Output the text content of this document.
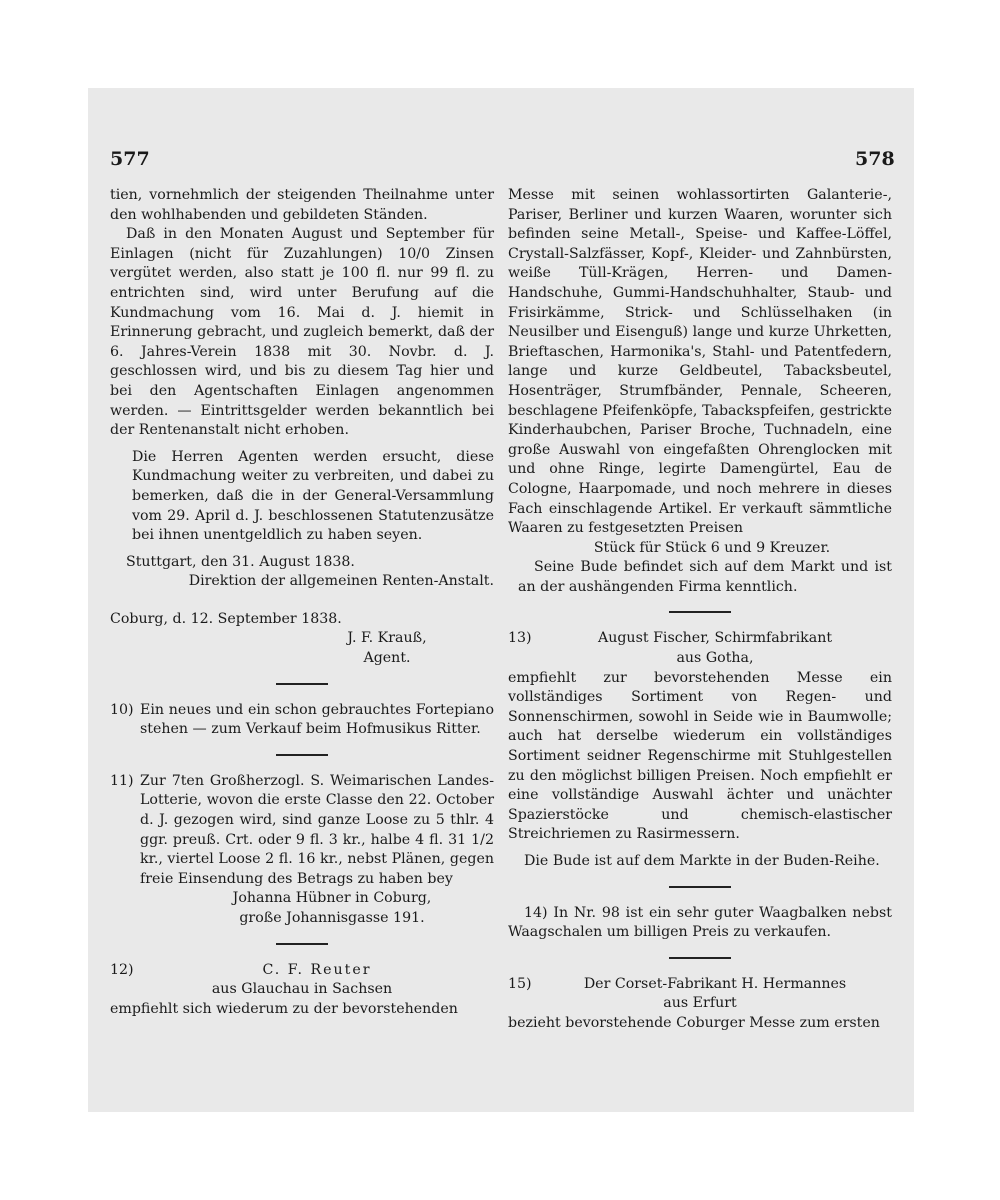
577	578

tien, vornehmlich der steigenden Theilnahme unter den wohlhabenden und gebildeten Ständen.

Daß in den Monaten August und September für Einlagen (nicht für Zuzahlungen) 10/0 Zinsen vergütet werden, also statt je 100 fl. nur 99 fl. zu entrichten sind, wird unter Berufung auf die Kundmachung vom 16. Mai d. J. hiemit in Erinnerung gebracht, und zugleich bemerkt, daß der 6. Jahres-Verein 1838 mit 30. Novbr. d. J. geschlossen wird, und bis zu diesem Tag hier und bei den Agentschaften Einlagen angenommen werden. — Eintrittsgelder werden bekanntlich bei der Rentenanstalt nicht erhoben.

Die Herren Agenten werden ersucht, diese Kundmachung weiter zu verbreiten, und dabei zu bemerken, daß die in der General-Versammlung vom 29. April d. J. beschlossenen Statutenzusätze bei ihnen unentgeldlich zu haben seyen.

Stuttgart, den 31. August 1838.

Direktion der allgemeinen Renten-Anstalt.

Coburg, d. 12. September 1838.

J. F. Krauß,

Agent.

10) Ein neues und ein schon gebrauchtes Fortepiano stehen — zum Verkauf beim Hofmusikus Ritter.

11) Zur 7ten Großherzogl. S. Weimarischen Landes-Lotterie, wovon die erste Classe den 22. October d. J. gezogen wird, sind ganze Loose zu 5 thlr. 4 ggr. preuß. Crt. oder 9 fl. 3 kr., halbe 4 fl. 31 1/2 kr., viertel Loose 2 fl. 16 kr., nebst Plänen, gegen freie Einsendung des Betrags zu haben bey

Johanna Hübner in Coburg,

große Johannisgasse 191.

12)	C. F. Reuter

aus Glauchau in Sachsen

empfiehlt sich wiederum zu der bevorstehenden

Messe mit seinen wohlassortirten Galanterie-, Pariser, Berliner und kurzen Waaren, worunter sich befinden seine Metall-, Speise- und Kaffee-Löffel, Crystall-Salzfässer, Kopf-, Kleider- und Zahnbürsten, weiße Tüll-Krägen, Herren- und Damen-Handschuhe, Gummi-Handschuhhalter, Staub- und Frisirkämme, Strick- und Schlüsselhaken (in Neusilber und Eisenguß) lange und kurze Uhrketten, Brieftaschen, Harmonika's, Stahl- und Patentfedern, lange und kurze Geldbeutel, Tabacksbeutel, Hosenträger, Strumfbänder, Pennale, Scheeren, beschlagene Pfeifenköpfe, Tabackspfeifen, gestrickte Kinderhaubchen, Pariser Broche, Tuchnadeln, eine große Auswahl von eingefaßten Ohrenglocken mit und ohne Ringe, legirte Damengürtel, Eau de Cologne, Haarpomade, und noch mehrere in dieses Fach einschlagende Artikel. Er verkauft sämmtliche Waaren zu festgesetzten Preisen

Stück für Stück 6 und 9 Kreuzer.

Seine Bude befindet sich auf dem Markt und ist an der aushängenden Firma kenntlich.

13)	August Fischer, Schirmfabrikant

aus Gotha,

empfiehlt zur bevorstehenden Messe ein vollständiges Sortiment von Regen- und Sonnenschirmen, sowohl in Seide wie in Baumwolle; auch hat derselbe wiederum ein vollständiges Sortiment seidner Regenschirme mit Stuhlgestellen zu den möglichst billigen Preisen. Noch empfiehlt er eine vollständige Auswahl ächter und unächter Spazierstöcke und chemisch-elastischer Streichriemen zu Rasirmessern.

Die Bude ist auf dem Markte in der Buden-Reihe.

14) In Nr. 98 ist ein sehr guter Waagbalken nebst Waagschalen um billigen Preis zu verkaufen.

15)	Der Corset-Fabrikant H. Hermannes

aus Erfurt

bezieht bevorstehende Coburger Messe zum ersten
